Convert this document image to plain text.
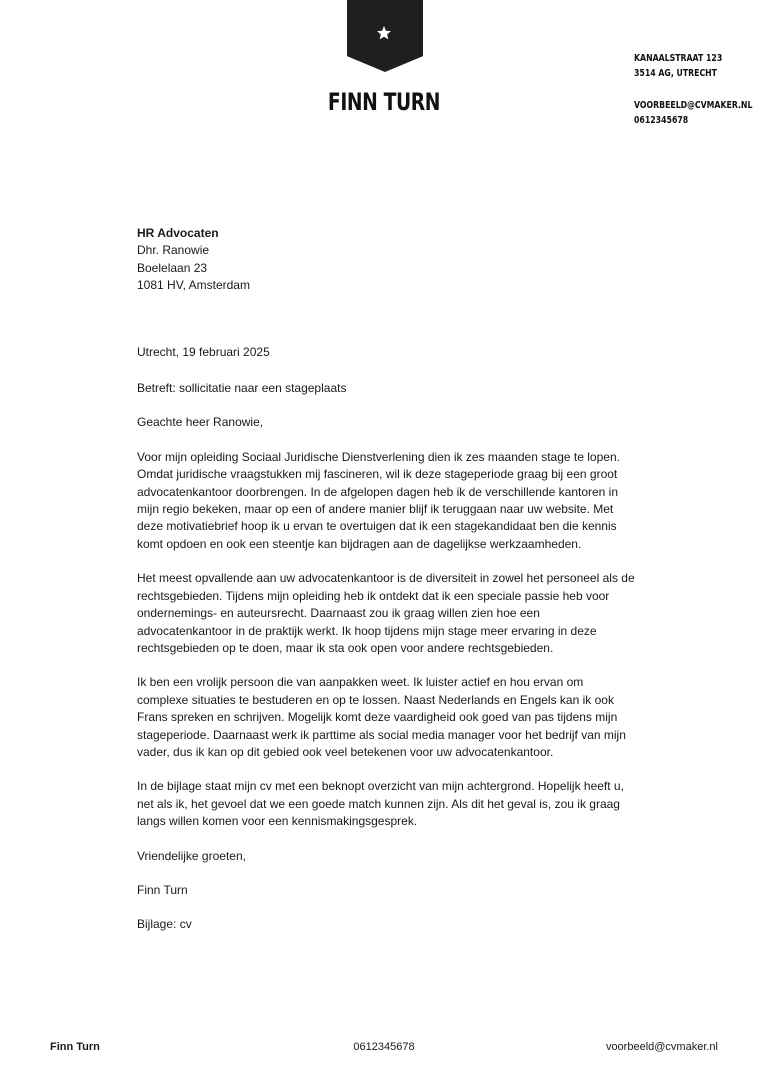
FINN TURN
KANAALSTRAAT 123
3514 AG, UTRECHT
VOORBEELD@CVMAKER.NL
0612345678

HR Advocaten

Dhr. Ranowie

Boelelaan 23

1081 HV, Amsterdam

Utrecht, 19 februari 2025

Betreft: sollicitatie naar een stageplaats

Geachte heer Ranowie,

Voor mijn opleiding Sociaal Juridische Dienstverlening dien ik zes maanden stage te lopen. Omdat juridische vraagstukken mij fascineren, wil ik deze stageperiode graag bij een groot advocatenkantoor doorbrengen. In de afgelopen dagen heb ik de verschillende kantoren in mijn regio bekeken, maar op een of andere manier blijf ik teruggaan naar uw website. Met deze motivatiebrief hoop ik u ervan te overtuigen dat ik een stagekandidaat ben die kennis komt opdoen en ook een steentje kan bijdragen aan de dagelijkse werkzaamheden.

Het meest opvallende aan uw advocatenkantoor is de diversiteit in zowel het personeel als de rechtsgebieden. Tijdens mijn opleiding heb ik ontdekt dat ik een speciale passie heb voor ondernemings- en auteursrecht. Daarnaast zou ik graag willen zien hoe een advocatenkantoor in de praktijk werkt. Ik hoop tijdens mijn stage meer ervaring in deze rechtsgebieden op te doen, maar ik sta ook open voor andere rechtsgebieden.

Ik ben een vrolijk persoon die van aanpakken weet. Ik luister actief en hou ervan om complexe situaties te bestuderen en op te lossen. Naast Nederlands en Engels kan ik ook Frans spreken en schrijven. Mogelijk komt deze vaardigheid ook goed van pas tijdens mijn stageperiode. Daarnaast werk ik parttime als social media manager voor het bedrijf van mijn vader, dus ik kan op dit gebied ook veel betekenen voor uw advocatenkantoor.

In de bijlage staat mijn cv met een beknopt overzicht van mijn achtergrond. Hopelijk heeft u, net als ik, het gevoel dat we een goede match kunnen zijn. Als dit het geval is, zou ik graag langs willen komen voor een kennismakingsgesprek.

Vriendelijke groeten,

Finn Turn

Bijlage: cv

Finn Turn	0612345678	voorbeeld@cvmaker.nl
